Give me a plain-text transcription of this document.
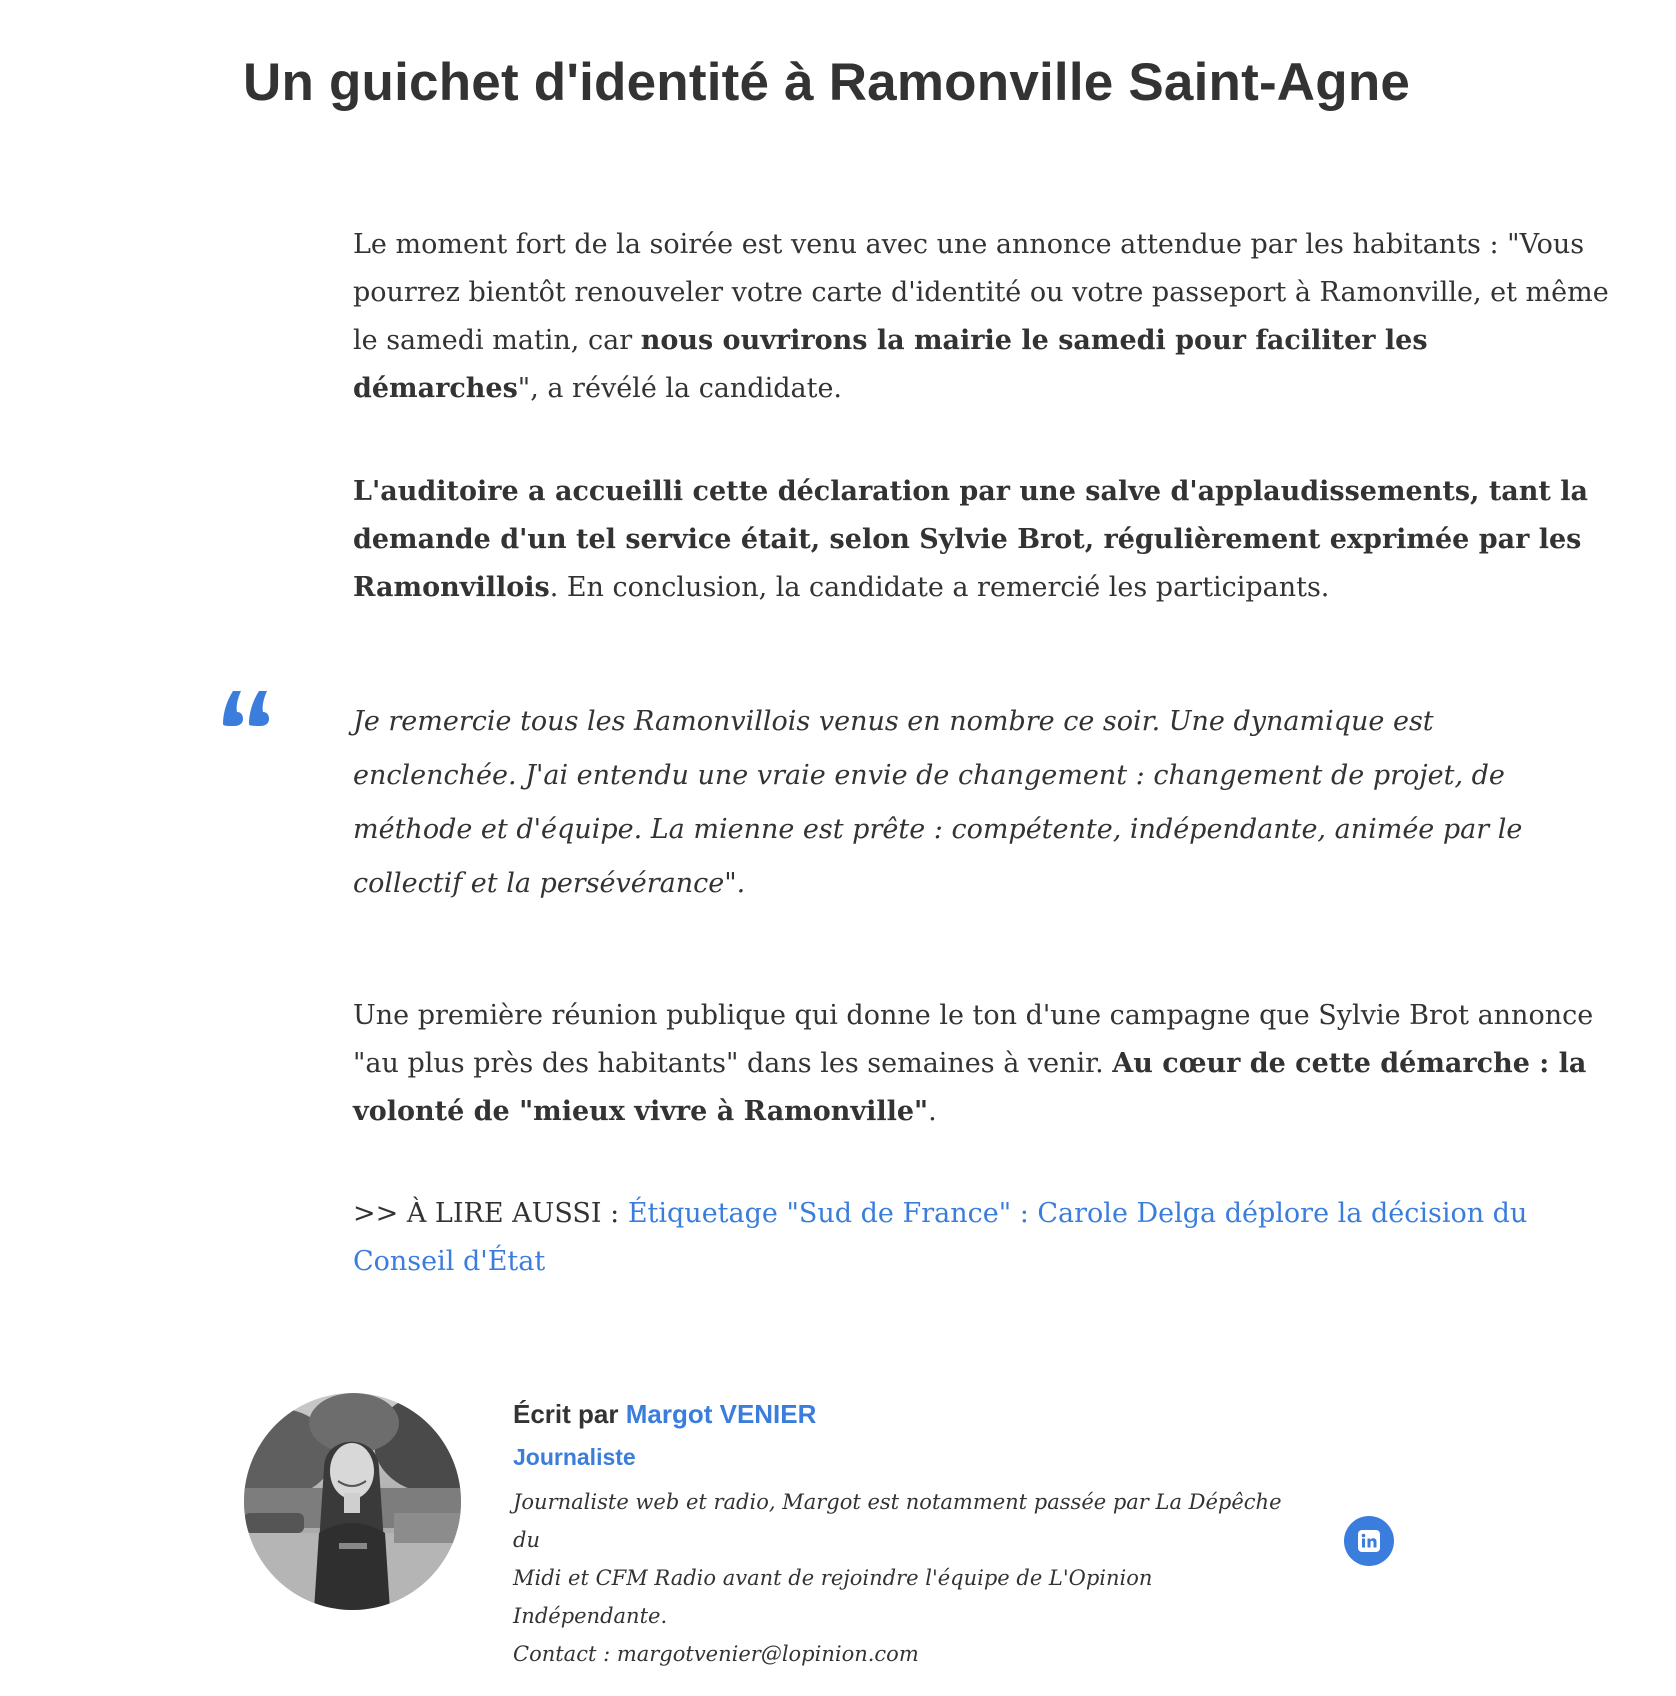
Un guichet d'identité à Ramonville Saint-Agne

Le moment fort de la soirée est venu avec une annonce attendue par les habitants : "Vous pourrez bientôt renouveler votre carte d'identité ou votre passeport à Ramonville, et même le samedi matin, car nous ouvrirons la mairie le samedi pour faciliter les démarches", a révélé la candidate.

L'auditoire a accueilli cette déclaration par une salve d'applaudissements, tant la demande d'un tel service était, selon Sylvie Brot, régulièrement exprimée par les Ramonvillois. En conclusion, la candidate a remercié les participants.

Je remercie tous les Ramonvillois venus en nombre ce soir. Une dynamique est enclenchée. J'ai entendu une vraie envie de changement : changement de projet, de méthode et d'équipe. La mienne est prête : compétente, indépendante, animée par le collectif et la persévérance".

Une première réunion publique qui donne le ton d'une campagne que Sylvie Brot annonce "au plus près des habitants" dans les semaines à venir. Au cœur de cette démarche : la volonté de "mieux vivre à Ramonville".

>> À LIRE AUSSI : Étiquetage "Sud de France" : Carole Delga déplore la décision du Conseil d'État

Écrit par Margot VENIER

Journaliste

Journaliste web et radio, Margot est notamment passée par La Dépêche du
Midi et CFM Radio avant de rejoindre l'équipe de L'Opinion Indépendante.
Contact : margotvenier@lopinion.com
